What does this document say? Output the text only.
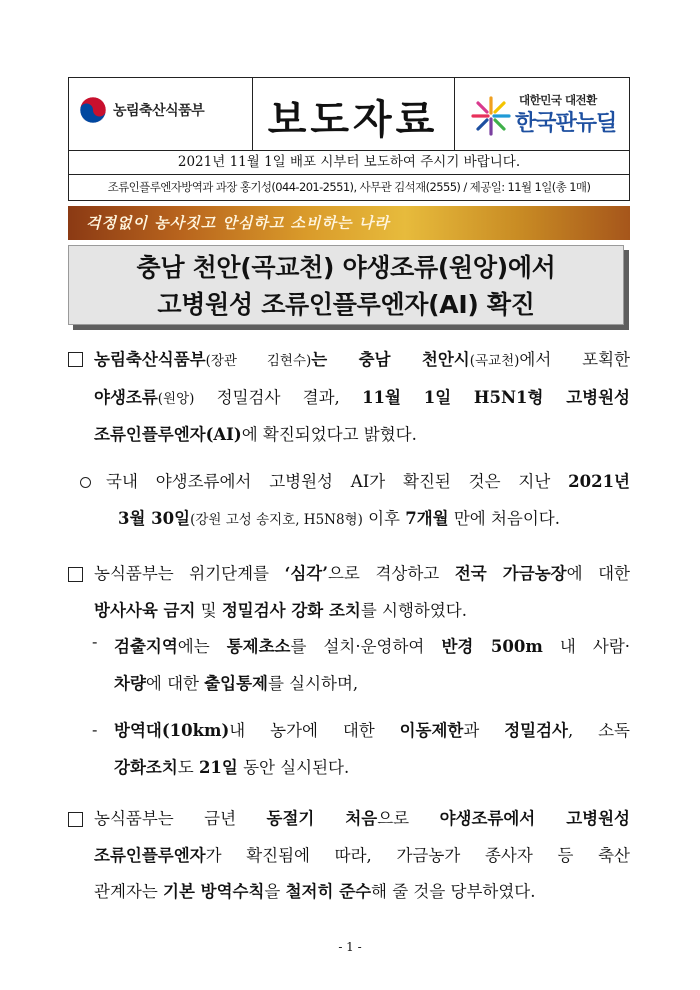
농림축산식품부	보도자료	대한민국 대전환
한국판뉴딜
2021년 11월 1일 배포 시부터 보도하여 주시기 바랍니다.
조류인플루엔자방역과 과장 홍기성(044-201-2551), 사무관 김석재(2555) / 제공일: 11월 1일(총 1매)
걱정없이 농사짓고 안심하고 소비하는 나라
충남 천안(곡교천) 야생조류(원앙)에서
고병원성 조류인플루엔자(AI) 확진
농림축산식품부(장관 김현수)는 충남 천안시(곡교천)에서 포획한
야생조류(원앙) 정밀검사 결과, 11월 1일 H5N1형 고병원성
조류인플루엔자(AI)에 확진되었다고 밝혔다.
국내 야생조류에서 고병원성 AI가 확진된 것은 지난 2021년
3월 30일(강원 고성 송지호, H5N8형) 이후 7개월 만에 처음이다.
농식품부는 위기단계를 ‘심각’으로 격상하고 전국 가금농장에 대한
방사사육 금지 및 정밀검사 강화 조치를 시행하였다.
- 검출지역에는 통제초소를 설치·운영하여 반경 500m 내 사람·
차량에 대한 출입통제를 실시하며,
- 방역대(10km)내 농가에 대한 이동제한과 정밀검사, 소독
강화조치도 21일 동안 실시된다.
농식품부는 금년 동절기 처음으로 야생조류에서 고병원성
조류인플루엔자가 확진됨에 따라, 가금농가 종사자 등 축산
관계자는 기본 방역수칙을 철저히 준수해 줄 것을 당부하였다.
- 1 -
